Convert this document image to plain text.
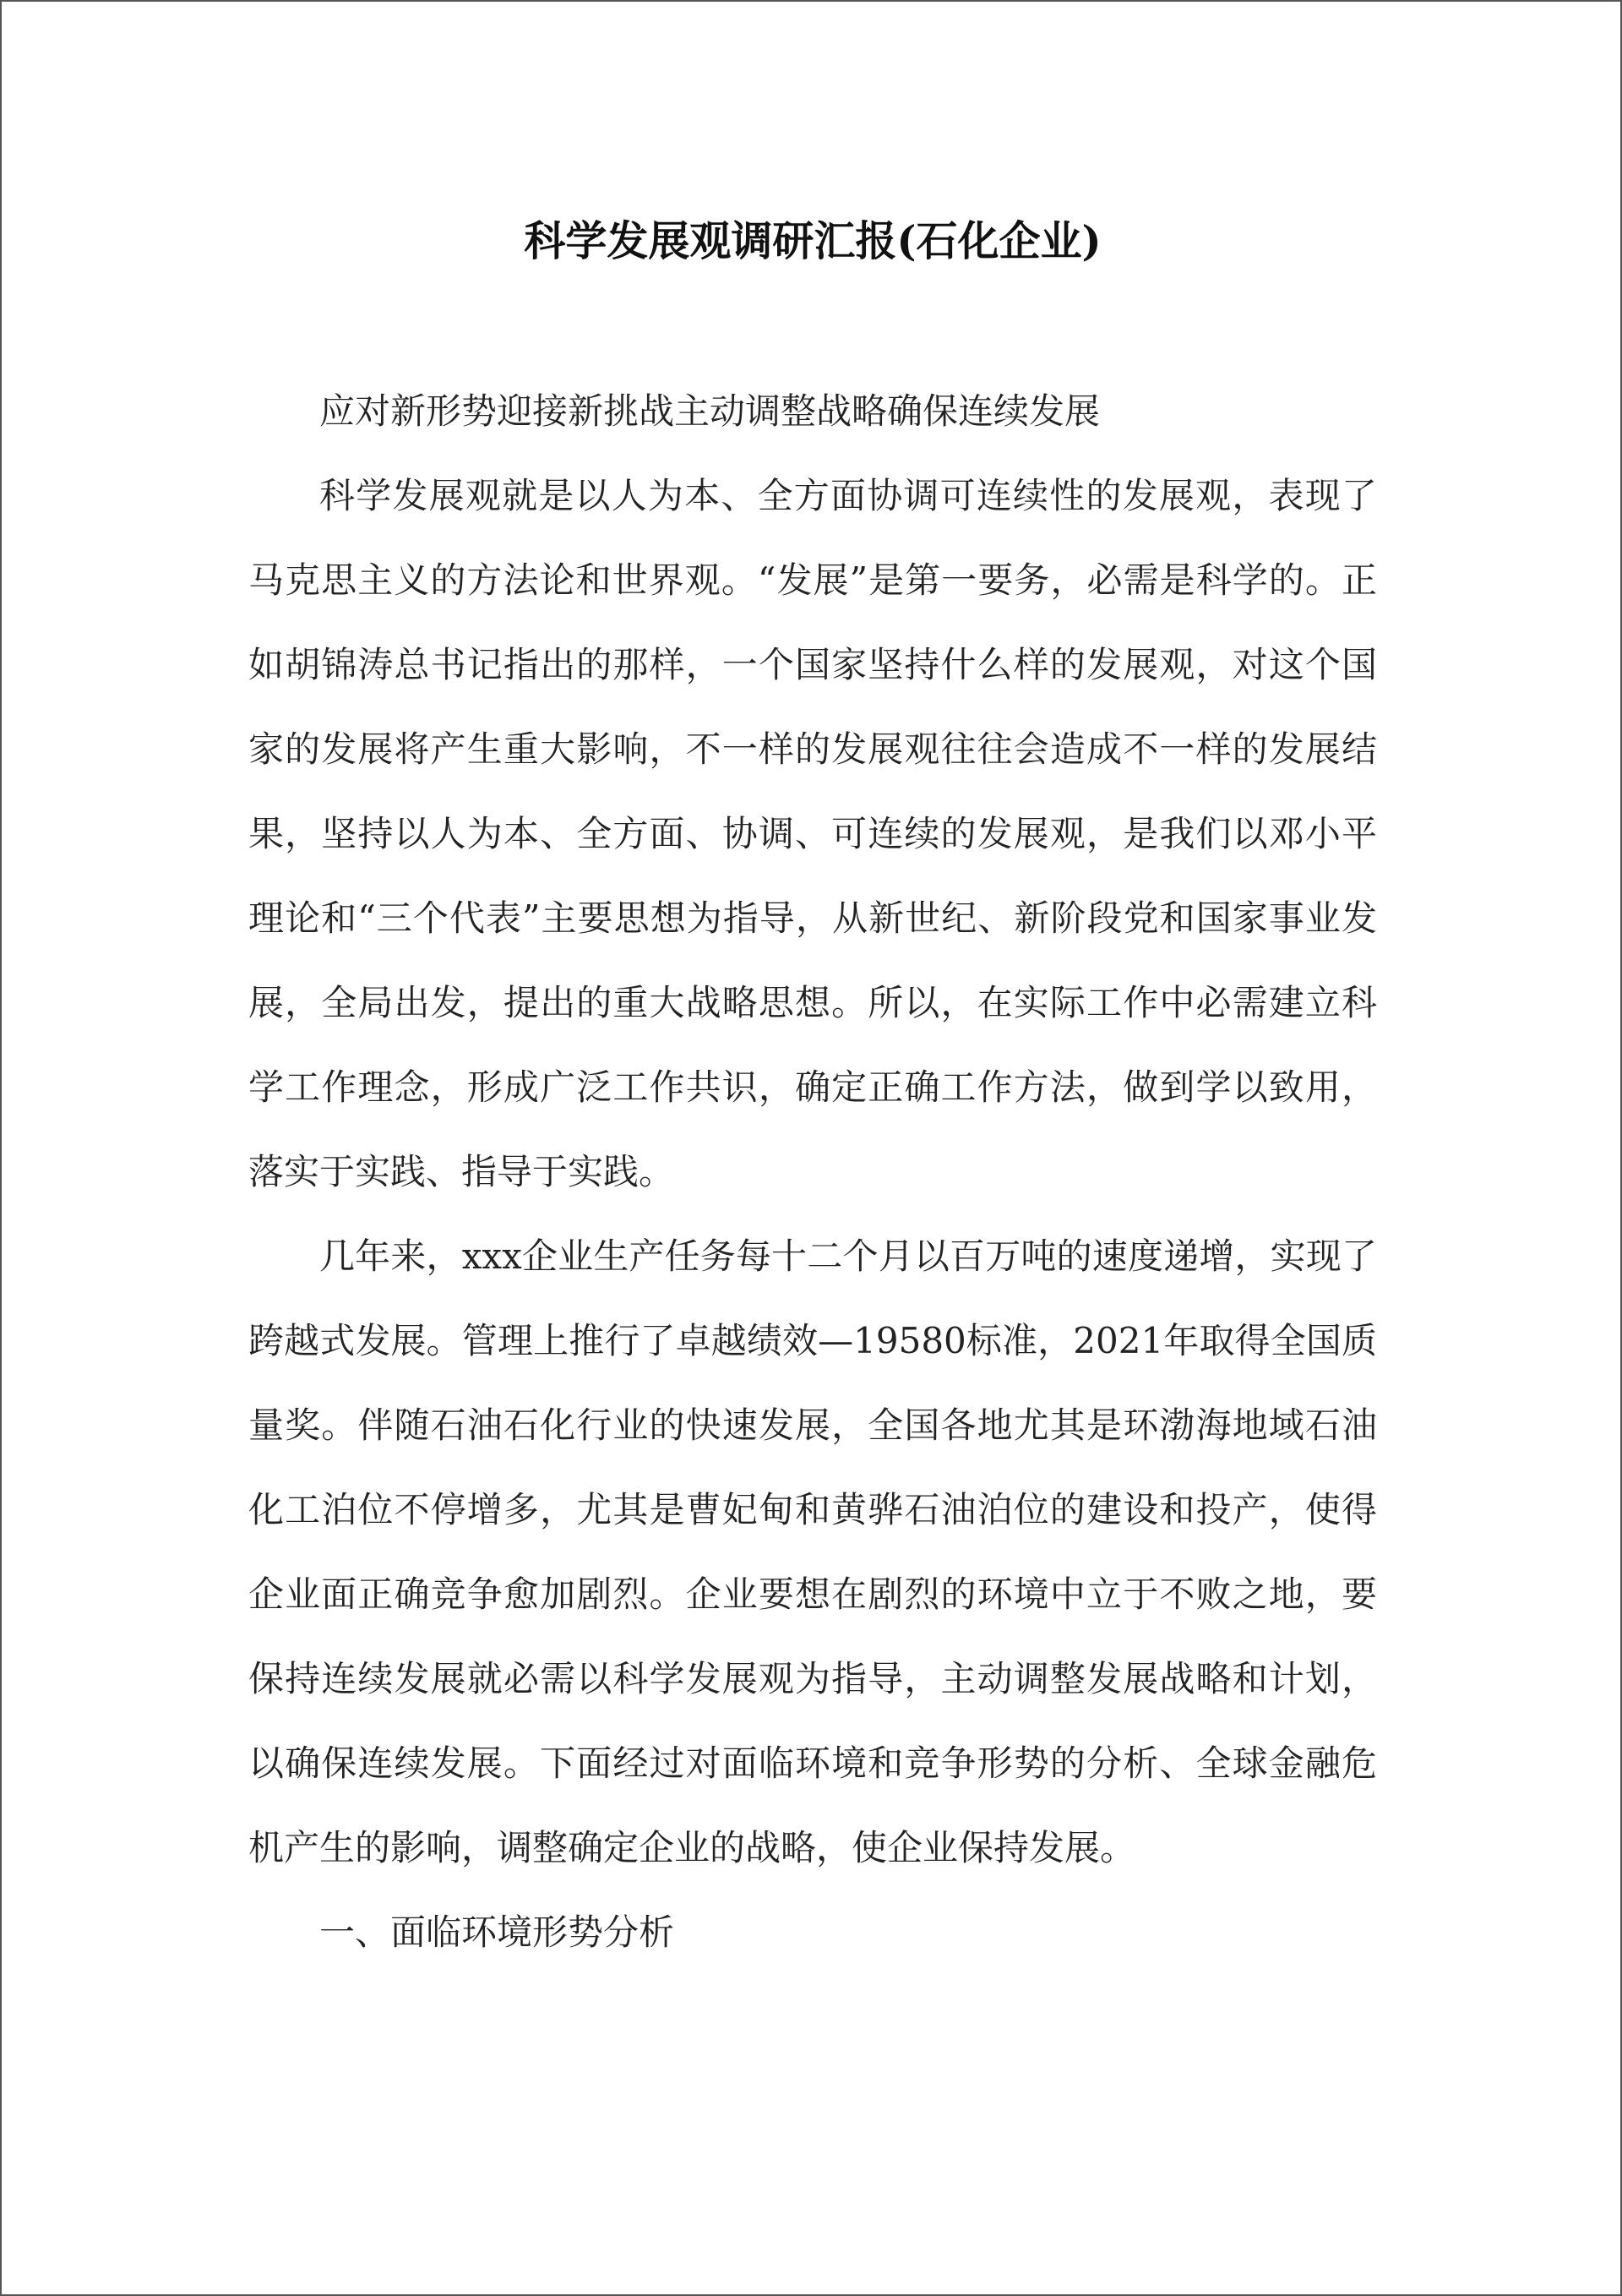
科学发展观调研汇报(石化企业)

应对新形势迎接新挑战主动调整战略确保连续发展

科学发展观就是以人为本、全方面协调可连续性的发展观，表现了马克思主义的方法论和世界观。“发展”是第一要务，必需是科学的。正如胡锦涛总书记指出的那样，一个国家坚持什么样的发展观，对这个国家的发展将产生重大影响，不一样的发展观往往会造成不一样的发展结果，坚持以人为本、全方面、协调、可连续的发展观，是我们以邓小平理论和“三个代表”主要思想为指导，从新世纪、新阶段党和国家事业发展，全局出发，提出的重大战略思想。所以，在实际工作中必需建立科学工作理念，形成广泛工作共识，确定正确工作方法，做到学以致用，落实于实践、指导于实践。

几年来，xxx企业生产任务每十二个月以百万吨的速度递增，实现了跨越式发展。管理上推行了卓越绩效—19580标准，2021年取得全国质量奖。伴随石油石化行业的快速发展，全国各地尤其是环渤海地域石油化工泊位不停增多，尤其是曹妃甸和黄骅石油泊位的建设和投产，使得企业面正确竞争愈加剧烈。企业要想在剧烈的环境中立于不败之地，要保持连续发展就必需以科学发展观为指导，主动调整发展战略和计划，以确保连续发展。下面经过对面临环境和竞争形势的分析、全球金融危机产生的影响，调整确定企业的战略，使企业保持发展。

一、面临环境形势分析
